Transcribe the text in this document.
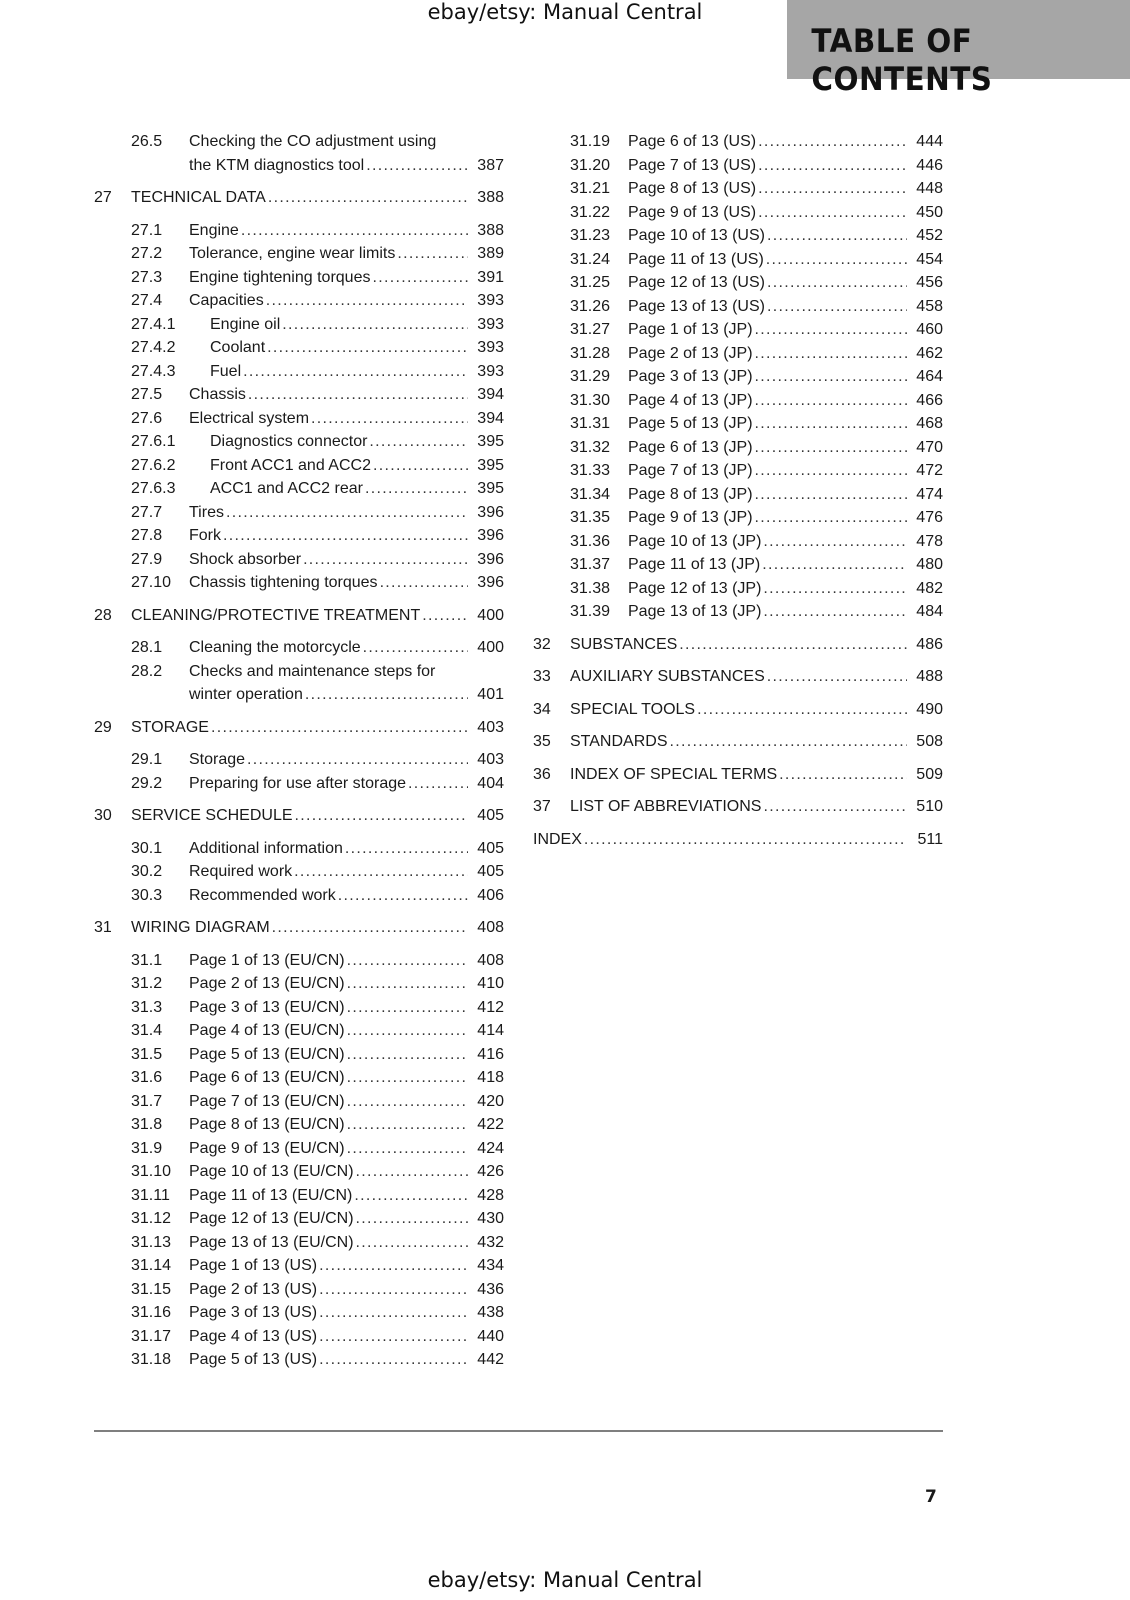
ebay/etsy: Manual Central
TABLE OF CONTENTS
26.5 Checking the CO adjustment using
the KTM diagnostics tool .....	387
27 TECHNICAL DATA .....	388
27.1 Engine .....	388
27.2 Tolerance, engine wear limits .....	389
27.3 Engine tightening torques .....	391
27.4 Capacities .....	393
27.4.1 Engine oil .....	393
27.4.2 Coolant .....	393
27.4.3 Fuel .....	393
27.5 Chassis .....	394
27.6 Electrical system .....	394
27.6.1 Diagnostics connector .....	395
27.6.2 Front ACC1 and ACC2 .....	395
27.6.3 ACC1 and ACC2 rear .....	395
27.7 Tires .....	396
27.8 Fork .....	396
27.9 Shock absorber .....	396
27.10 Chassis tightening torques .....	396
28 CLEANING/PROTECTIVE TREATMENT .....	400
28.1 Cleaning the motorcycle .....	400
28.2 Checks and maintenance steps for
winter operation .....	401
29 STORAGE .....	403
29.1 Storage .....	403
29.2 Preparing for use after storage .....	404
30 SERVICE SCHEDULE .....	405
30.1 Additional information .....	405
30.2 Required work .....	405
30.3 Recommended work .....	406
31 WIRING DIAGRAM .....	408
31.1 Page 1 of 13 (EU/CN) .....	408
31.2 Page 2 of 13 (EU/CN) .....	410
31.3 Page 3 of 13 (EU/CN) .....	412
31.4 Page 4 of 13 (EU/CN) .....	414
31.5 Page 5 of 13 (EU/CN) .....	416
31.6 Page 6 of 13 (EU/CN) .....	418
31.7 Page 7 of 13 (EU/CN) .....	420
31.8 Page 8 of 13 (EU/CN) .....	422
31.9 Page 9 of 13 (EU/CN) .....	424
31.10 Page 10 of 13 (EU/CN) .....	426
31.11 Page 11 of 13 (EU/CN) .....	428
31.12 Page 12 of 13 (EU/CN) .....	430
31.13 Page 13 of 13 (EU/CN) .....	432
31.14 Page 1 of 13 (US) .....	434
31.15 Page 2 of 13 (US) .....	436
31.16 Page 3 of 13 (US) .....	438
31.17 Page 4 of 13 (US) .....	440
31.18 Page 5 of 13 (US) .....	442
31.19 Page 6 of 13 (US) .....	444
31.20 Page 7 of 13 (US) .....	446
31.21 Page 8 of 13 (US) .....	448
31.22 Page 9 of 13 (US) .....	450
31.23 Page 10 of 13 (US) .....	452
31.24 Page 11 of 13 (US) .....	454
31.25 Page 12 of 13 (US) .....	456
31.26 Page 13 of 13 (US) .....	458
31.27 Page 1 of 13 (JP) .....	460
31.28 Page 2 of 13 (JP) .....	462
31.29 Page 3 of 13 (JP) .....	464
31.30 Page 4 of 13 (JP) .....	466
31.31 Page 5 of 13 (JP) .....	468
31.32 Page 6 of 13 (JP) .....	470
31.33 Page 7 of 13 (JP) .....	472
31.34 Page 8 of 13 (JP) .....	474
31.35 Page 9 of 13 (JP) .....	476
31.36 Page 10 of 13 (JP) .....	478
31.37 Page 11 of 13 (JP) .....	480
31.38 Page 12 of 13 (JP) .....	482
31.39 Page 13 of 13 (JP) .....	484
32 SUBSTANCES .....	486
33 AUXILIARY SUBSTANCES .....	488
34 SPECIAL TOOLS .....	490
35 STANDARDS .....	508
36 INDEX OF SPECIAL TERMS .....	509
37 LIST OF ABBREVIATIONS .....	510
INDEX .....	511
7
ebay/etsy: Manual Central
